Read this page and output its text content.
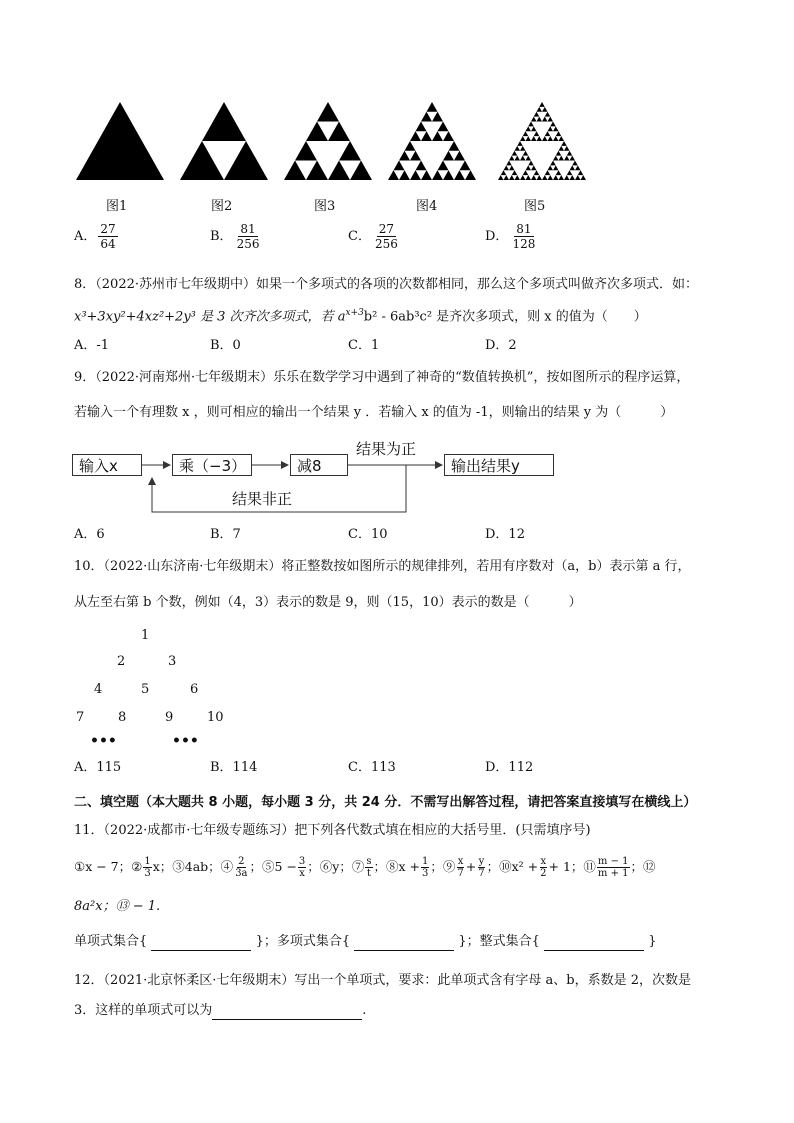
图1	图2	图3	图4	图5
A． $\frac{27}{64}$	B． $\frac{81}{256}$	C． $\frac{27}{256}$	D． $\frac{81}{128}$
8．（2022·苏州市七年级期中）如果一个多项式的各项的次数都相同，那么这个多项式叫做齐次多项式．如：
x³+3xy²+4xz²+2y³ 是 3 次齐次多项式，若 $a^{x+3}b^2 - 6ab^3c^2$ 是齐次多项式，则 x 的值为（　　）
A．-1	B．0	C．1	D．2
9．（2022·河南郑州·七年级期末）乐乐在数学学习中遇到了神奇的“数值转换机”，按如图所示的程序运算，
若输入一个有理数 x ，则可相应的输出一个结果 y ．若输入 x 的值为 -1，则输出的结果 y 为（　　　）
输入x	乘（−3）	减8	输出结果y
结果为正
结果非正
A．6	B．7	C．10	D．12
10．（2022·山东济南·七年级期末）将正整数按如图所示的规律排列，若用有序数对（a，b）表示第 a 行，
从左至右第 b 个数，例如（4，3）表示的数是 9，则（15，10）表示的数是（　　　）
1
2	3
4	5	6
7	8	9	10
•••	•••
A．115	B．114	C．113	D．112
二、填空题（本大题共 8 小题，每小题 3 分，共 24 分．不需写出解答过程，请把答案直接填写在横线上）
11．（2022·成都市·七年级专题练习）把下列各代数式填在相应的大括号里．(只需填序号)
①x − 7；② $\frac{1}{3}$ x；③4ab；④ $\frac{2}{3a}$ ；⑤5 − $\frac{3}{x}$ ；⑥y；⑦ $\frac{s}{t}$ ；⑧x + $\frac{1}{3}$ ；⑨ $\frac{x}{7} + \frac{y}{7}$ ；⑩x² + $\frac{x}{2} + 1$；⑪ $\frac{m - 1}{m + 1}$ ；⑫
8a²x；⑬ − 1.
单项式集合{	}；多项式集合{	}；整式集合{	}
12．（2021·北京怀柔区·七年级期末）写出一个单项式，要求：此单项式含有字母 a、b，系数是 2，次数是
3．这样的单项式可以为	.
